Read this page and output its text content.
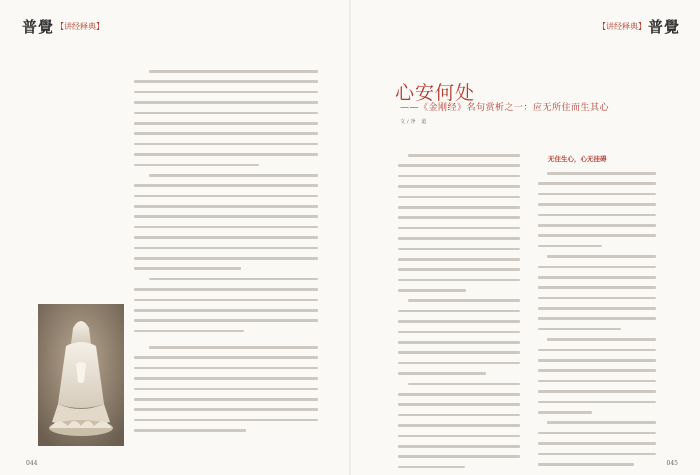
普覺 【讲经释典】	【讲经释典】 普覺
心安何处
——《金刚经》名句赏析之一：应无所住而生其心
文/净 道
无住生心，心无挂碍
044	045
